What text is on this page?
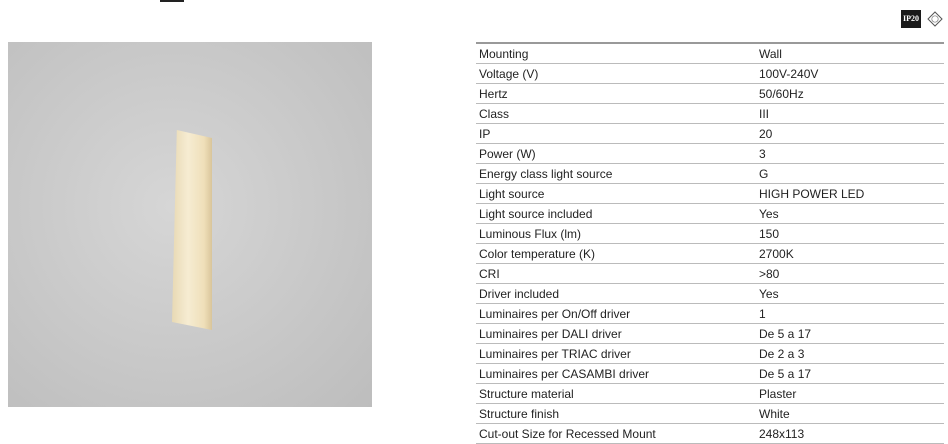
IP20
Mounting	Wall
Voltage (V)	100V-240V
Hertz	50/60Hz
Class	III
IP	20
Power (W)	3
Energy class light source	G
Light source	HIGH POWER LED
Light source included	Yes
Luminous Flux (lm)	150
Color temperature (K)	2700K
CRI	>80
Driver included	Yes
Luminaires per On/Off driver	1
Luminaires per DALI driver	De 5 a 17
Luminaires per TRIAC driver	De 2 a 3
Luminaires per CASAMBI driver	De 5 a 17
Structure material	Plaster
Structure finish	White
Cut-out Size for Recessed Mount	248x113
